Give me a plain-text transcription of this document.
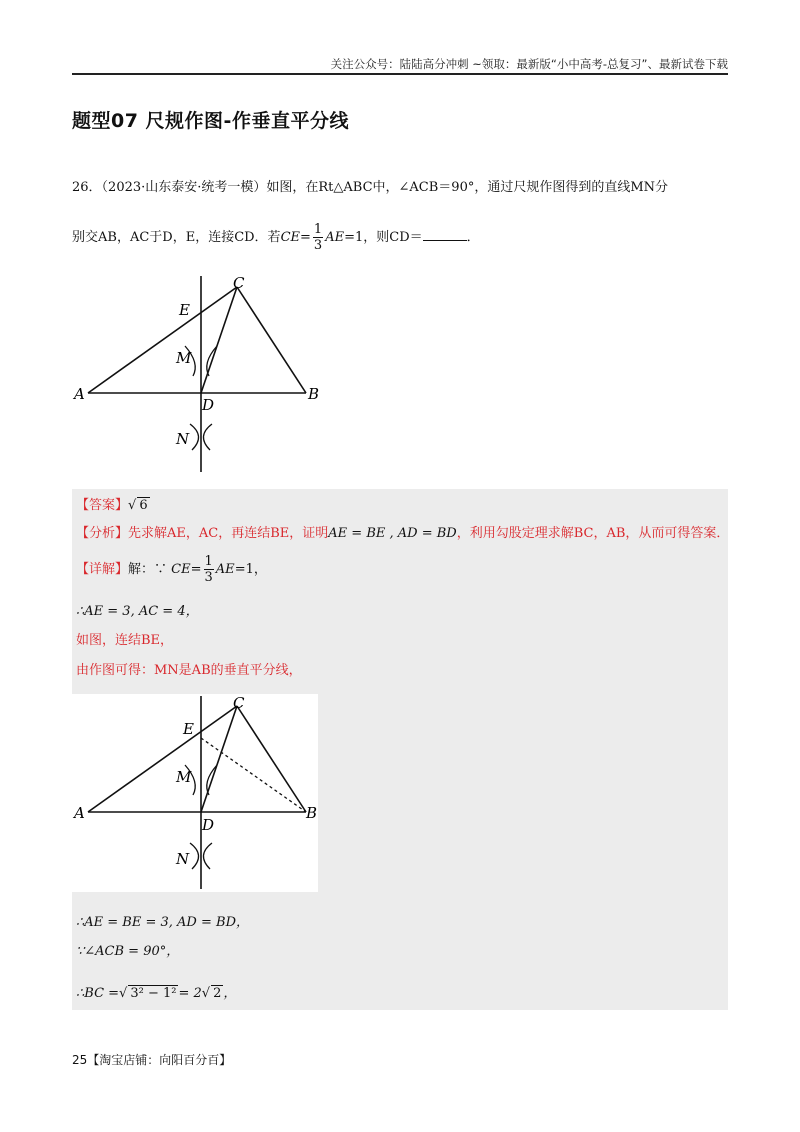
关注公众号：陆陆高分冲刺 ~领取：最新版“小中高考-总复习”、最新试卷下载
题型07 尺规作图-作垂直平分线
26．（2023·山东泰安·统考一模）如图，在Rt△ABC中，∠ACB＝90°，通过尺规作图得到的直线MN分
别交AB，AC于D，E，连接CD．若$CE= \frac{1}{3} AE=1$，则CD＝	．
A	B
C
D
E
M
N
【答案】√ 6
【分析】先求解AE，AC，再连结BE，证明AE = BE , AD = BD，利用勾股定理求解BC，AB，从而可得答案．
【详解】解：∵ $CE= \frac{1}{3} AE=1$，
∴AE = 3, AC = 4，
如图，连结BE，
由作图可得：MN是AB的垂直平分线，
A	B
C
D
E
M
N
∴AE = BE = 3, AD = BD，
∵∠ACB = 90°，
∴BC =√ 3² − 1² = 2√ 2 ，
25【淘宝店铺：向阳百分百】
